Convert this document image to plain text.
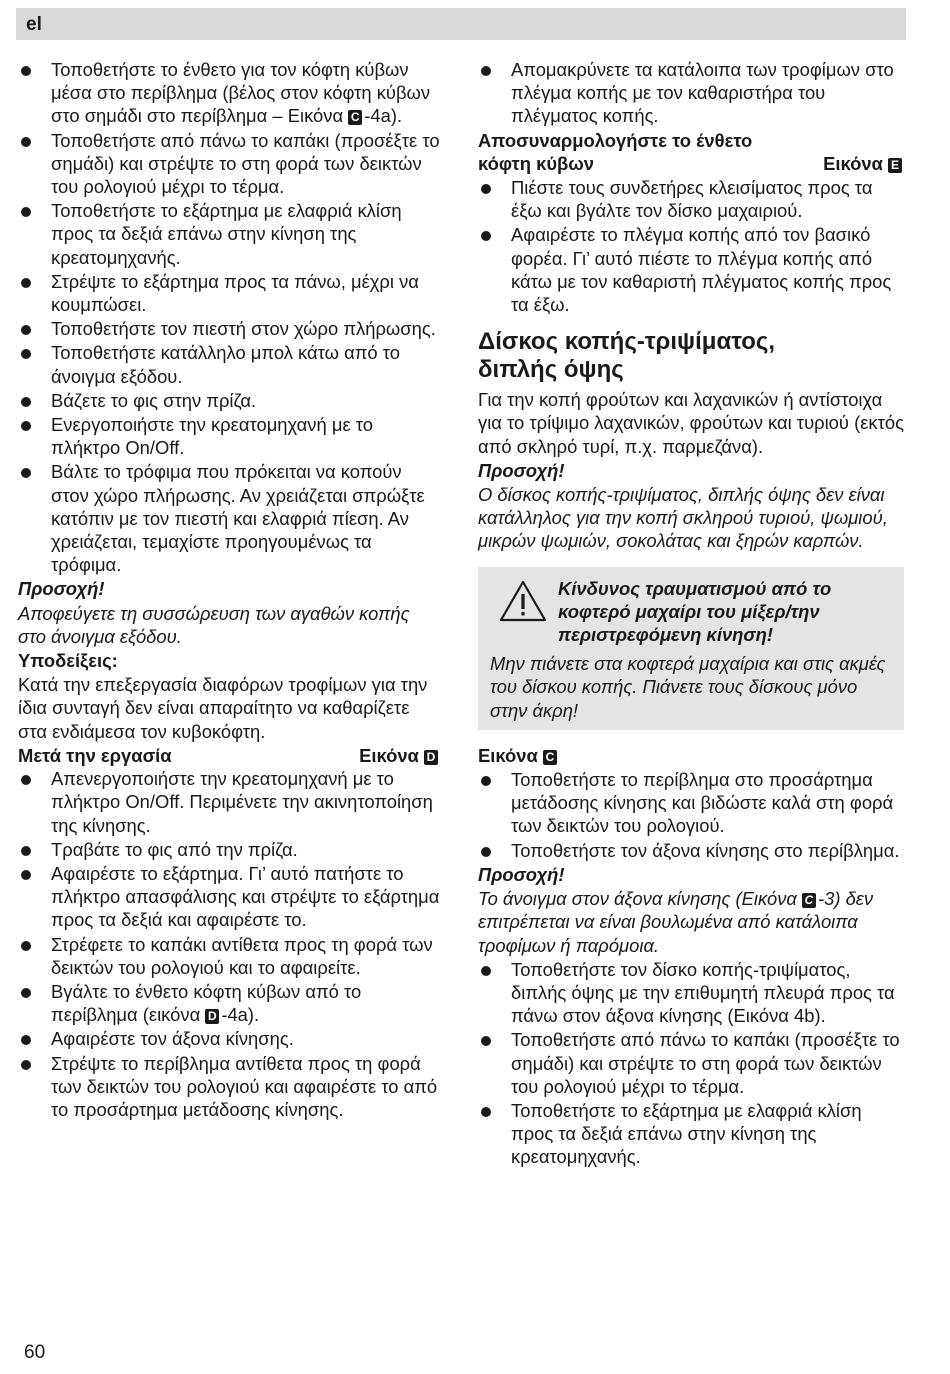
el
Τοποθετήστε το ένθετο για τον κόφτη κύβων μέσα στο περίβλημα (βέλος στον κόφτη κύβων στο σημάδι στο περίβλημα – Εικόνα C -4a).
Τοποθετήστε από πάνω το καπάκι (προσέξτε το σημάδι) και στρέψτε το στη φορά των δεικτών του ρολογιού μέχρι το τέρμα.
Τοποθετήστε το εξάρτημα με ελαφριά κλίση προς τα δεξιά επάνω στην κίνηση της κρεατομηχανής.
Στρέψτε το εξάρτημα προς τα πάνω, μέχρι να κουμπώσει.
Τοποθετήστε τον πιεστή στον χώρο πλήρωσης.
Τοποθετήστε κατάλληλο μπολ κάτω από το άνοιγμα εξόδου.
Βάζετε το φις στην πρίζα.
Ενεργοποιήστε την κρεατομηχανή με το πλήκτρο On/Off.
Βάλτε το τρόφιμα που πρόκειται να κοπούν στον χώρο πλήρωσης. Αν χρειάζεται σπρώξτε κατόπιν με τον πιεστή και ελαφριά πίεση. Αν χρειάζεται, τεμαχίστε προηγουμένως τα τρόφιμα.
Προσοχή!
Αποφεύγετε τη συσσώρευση των αγαθών κοπής στο άνοιγμα εξόδου.
Υποδείξεις:
Κατά την επεξεργασία διαφόρων τροφίμων για την ίδια συνταγή δεν είναι απαραίτητο να καθαρίζετε στα ενδιάμεσα τον κυβοκόφτη.
Μετά την εργασία	Εικόνα D
Απενεργοποιήστε την κρεατομηχανή με το πλήκτρο On/Off. Περιμένετε την ακινητοποίηση της κίνησης.
Τραβάτε το φις από την πρίζα.
Αφαιρέστε το εξάρτημα. Γι’ αυτό πατήστε το πλήκτρο απασφάλισης και στρέψτε το εξάρτημα προς τα δεξιά και αφαιρέστε το.
Στρέφετε το καπάκι αντίθετα προς τη φορά των δεικτών του ρολογιού και το αφαιρείτε.
Βγάλτε το ένθετο κόφτη κύβων από το περίβλημα (εικόνα D -4a).
Αφαιρέστε τον άξονα κίνησης.
Στρέψτε το περίβλημα αντίθετα προς τη φορά των δεικτών του ρολογιού και αφαιρέστε το από το προσάρτημα μετάδοσης κίνησης.
Απομακρύνετε τα κατάλοιπα των τροφίμων στο πλέγμα κοπής με τον καθαριστήρα του πλέγματος κοπής.
Αποσυναρμολογήστε το ένθετο
κόφτη κύβων	Εικόνα E
Πιέστε τους συνδετήρες κλεισίματος προς τα έξω και βγάλτε τον δίσκο μαχαιριού.
Αφαιρέστε το πλέγμα κοπής από τον βασικό φορέα. Γι’ αυτό πιέστε το πλέγμα κοπής από κάτω με τον καθαριστή πλέγματος κοπής προς τα έξω.
Δίσκος κοπής-τριψίματος,
διπλής όψης
Για την κοπή φρούτων και λαχανικών ή αντίστοιχα για το τρίψιμο λαχανικών, φρούτων και τυριού (εκτός από σκληρό τυρί, π.χ. παρμεζάνα).
Προσοχή!
Ο δίσκος κοπής-τριψίματος, διπλής όψης δεν είναι κατάλληλος για την κοπή σκληρού τυριού, ψωμιού, μικρών ψωμιών, σοκολάτας και ξηρών καρπών.
Κίνδυνος τραυματισμού από το κοφτερό μαχαίρι του μίξερ/την περιστρεφόμενη κίνηση!
Μην πιάνετε στα κοφτερά μαχαίρια και στις ακμές του δίσκου κοπής. Πιάνετε τους δίσκους μόνο στην άκρη!
Εικόνα C
Τοποθετήστε το περίβλημα στο προσάρτημα μετάδοσης κίνησης και βιδώστε καλά στη φορά των δεικτών του ρολογιού.
Τοποθετήστε τον άξονα κίνησης στο περίβλημα.
Προσοχή!
Το άνοιγμα στον άξονα κίνησης (Εικόνα C -3) δεν επιτρέπεται να είναι βουλωμένα από κατάλοιπα τροφίμων ή παρόμοια.
Τοποθετήστε τον δίσκο κοπής-τριψίματος, διπλής όψης με την επιθυμητή πλευρά προς τα πάνω στον άξονα κίνησης (Εικόνα 4b).
Τοποθετήστε από πάνω το καπάκι (προσέξτε το σημάδι) και στρέψτε το στη φορά των δεικτών του ρολογιού μέχρι το τέρμα.
Τοποθετήστε το εξάρτημα με ελαφριά κλίση προς τα δεξιά επάνω στην κίνηση της κρεατομηχανής.
60
